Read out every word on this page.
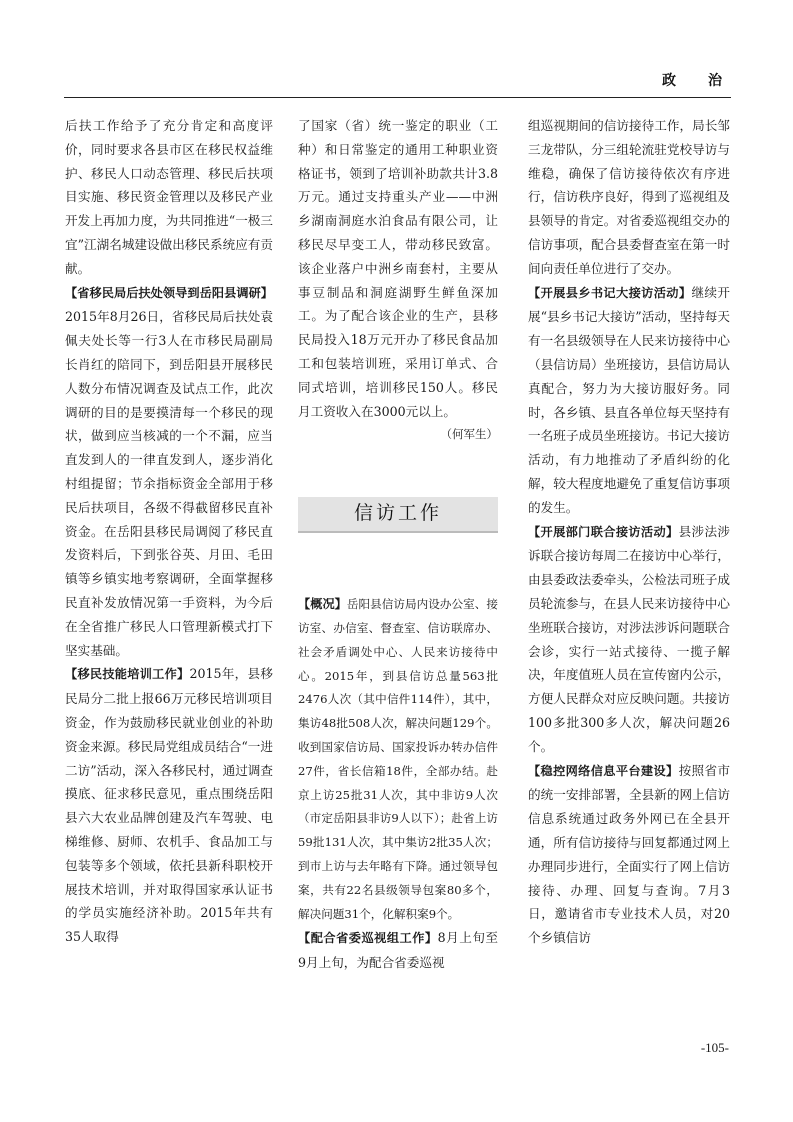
政　治

后扶工作给予了充分肯定和高度评价，同时要求各县市区在移民权益维护、移民人口动态管理、移民后扶项目实施、移民资金管理以及移民产业开发上再加力度，为共同推进“一极三宜”江湖名城建设做出移民系统应有贡献。

【省移民局后扶处领导到岳阳县调研】2015年8月26日，省移民局后扶处袁佩夫处长等一行3人在市移民局副局长肖红的陪同下，到岳阳县开展移民人数分布情况调查及试点工作，此次调研的目的是要摸清每一个移民的现状，做到应当核减的一个不漏，应当直发到人的一律直发到人，逐步消化村组提留；节余指标资金全部用于移民后扶项目，各级不得截留移民直补资金。在岳阳县移民局调阅了移民直发资料后，下到张谷英、月田、毛田镇等乡镇实地考察调研，全面掌握移民直补发放情况第一手资料，为今后在全省推广移民人口管理新模式打下坚实基础。

【移民技能培训工作】2015年，县移民局分二批上报66万元移民培训项目资金，作为鼓励移民就业创业的补助资金来源。移民局党组成员结合“一进二访”活动，深入各移民村，通过调查摸底、征求移民意见，重点围绕岳阳县六大农业品牌创建及汽车驾驶、电梯维修、厨师、农机手、食品加工与包装等多个领域，依托县新科职校开展技术培训，并对取得国家承认证书的学员实施经济补助。2015年共有35人取得

了国家（省）统一鉴定的职业（工种）和日常鉴定的通用工种职业资格证书，领到了培训补助款共计3.8万元。通过支持重头产业——中洲乡湖南洞庭水泊食品有限公司，让移民尽早变工人，带动移民致富。该企业落户中洲乡南套村，主要从事豆制品和洞庭湖野生鲜鱼深加工。为了配合该企业的生产，县移民局投入18万元开办了移民食品加工和包装培训班，采用订单式、合同式培训，培训移民150人。移民月工资收入在3000元以上。

（何军生）

信访工作

【概况】岳阳县信访局内设办公室、接访室、办信室、督查室、信访联席办、社会矛盾调处中心、人民来访接待中心。2015年，到县信访总量563批2476人次（其中信件114件），其中，集访48批508人次，解决问题129个。收到国家信访局、国家投诉办转办信件27件，省长信箱18件，全部办结。赴京上访25批31人次，其中非访9人次（市定岳阳县非访9人以下）；赴省上访59批131人次，其中集访2批35人次；到市上访与去年略有下降。通过领导包案，共有22名县级领导包案80多个，解决问题31个，化解积案9个。

【配合省委巡视组工作】8月上旬至9月上旬，为配合省委巡视

组巡视期间的信访接待工作，局长邹三龙带队，分三组轮流驻党校导访与维稳，确保了信访接待依次有序进行，信访秩序良好，得到了巡视组及县领导的肯定。对省委巡视组交办的信访事项，配合县委督查室在第一时间向责任单位进行了交办。

【开展县乡书记大接访活动】继续开展“县乡书记大接访”活动，坚持每天有一名县级领导在人民来访接待中心（县信访局）坐班接访，县信访局认真配合，努力为大接访服好务。同时，各乡镇、县直各单位每天坚持有一名班子成员坐班接访。书记大接访活动，有力地推动了矛盾纠纷的化解，较大程度地避免了重复信访事项的发生。

【开展部门联合接访活动】县涉法涉诉联合接访每周二在接访中心举行，由县委政法委牵头，公检法司班子成员轮流参与，在县人民来访接待中心坐班联合接访，对涉法涉诉问题联合会诊，实行一站式接待、一揽子解决，年度值班人员在宣传窗内公示，方便人民群众对应反映问题。共接访100多批300多人次，解决问题26个。

【稳控网络信息平台建设】按照省市的统一安排部署，全县新的网上信访信息系统通过政务外网已在全县开通，所有信访接待与回复都通过网上办理同步进行，全面实行了网上信访接待、办理、回复与查询。7月3日，邀请省市专业技术人员，对20个乡镇信访

-105-
